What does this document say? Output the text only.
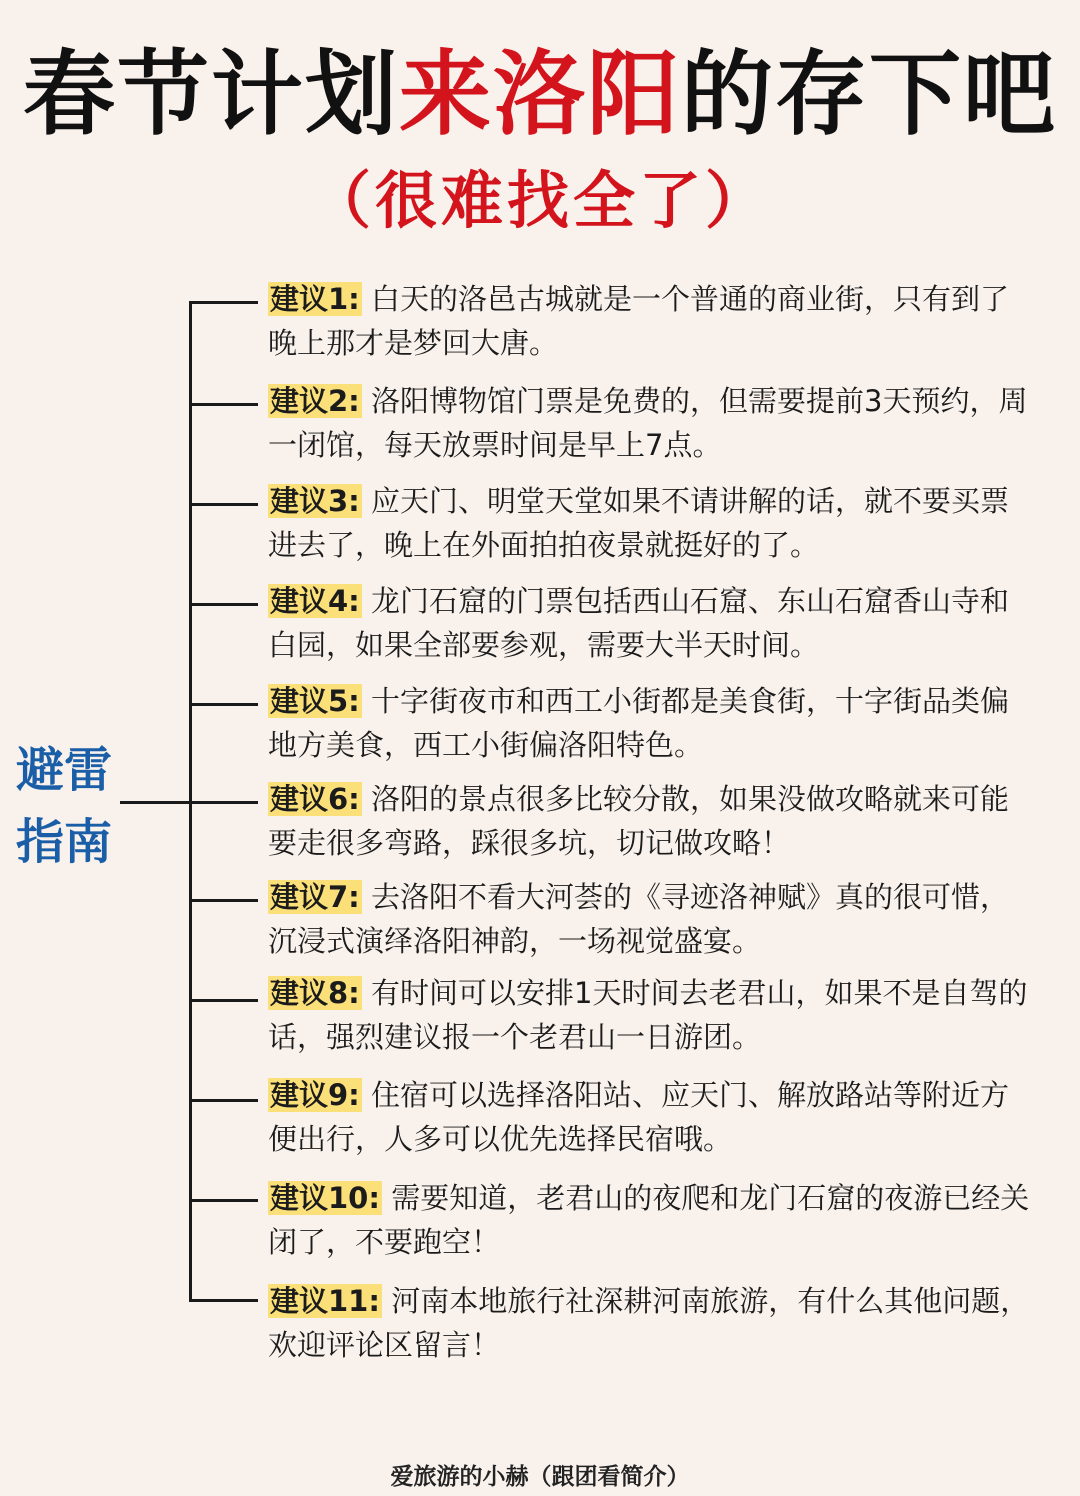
春节计划来洛阳的存下吧
（很难找全了）
避雷
指南
建议1: 白天的洛邑古城就是一个普通的商业街，只有到了晚上那才是梦回大唐。
建议2: 洛阳博物馆门票是免费的，但需要提前3天预约，周一闭馆，每天放票时间是早上7点。
建议3: 应天门、明堂天堂如果不请讲解的话，就不要买票进去了，晚上在外面拍拍夜景就挺好的了。
建议4: 龙门石窟的门票包括西山石窟、东山石窟香山寺和白园，如果全部要参观，需要大半天时间。
建议5: 十字街夜市和西工小街都是美食街，十字街品类偏地方美食，西工小街偏洛阳特色。
建议6: 洛阳的景点很多比较分散，如果没做攻略就来可能要走很多弯路，踩很多坑，切记做攻略！
建议7: 去洛阳不看大河荟的《寻迹洛神赋》真的很可惜，沉浸式演绎洛阳神韵，一场视觉盛宴。
建议8: 有时间可以安排1天时间去老君山，如果不是自驾的话，强烈建议报一个老君山一日游团。
建议9: 住宿可以选择洛阳站、应天门、解放路站等附近方便出行，人多可以优先选择民宿哦。
建议10: 需要知道，老君山的夜爬和龙门石窟的夜游已经关闭了，不要跑空！
建议11: 河南本地旅行社深耕河南旅游，有什么其他问题，欢迎评论区留言！
爱旅游的小赫（跟团看简介）
